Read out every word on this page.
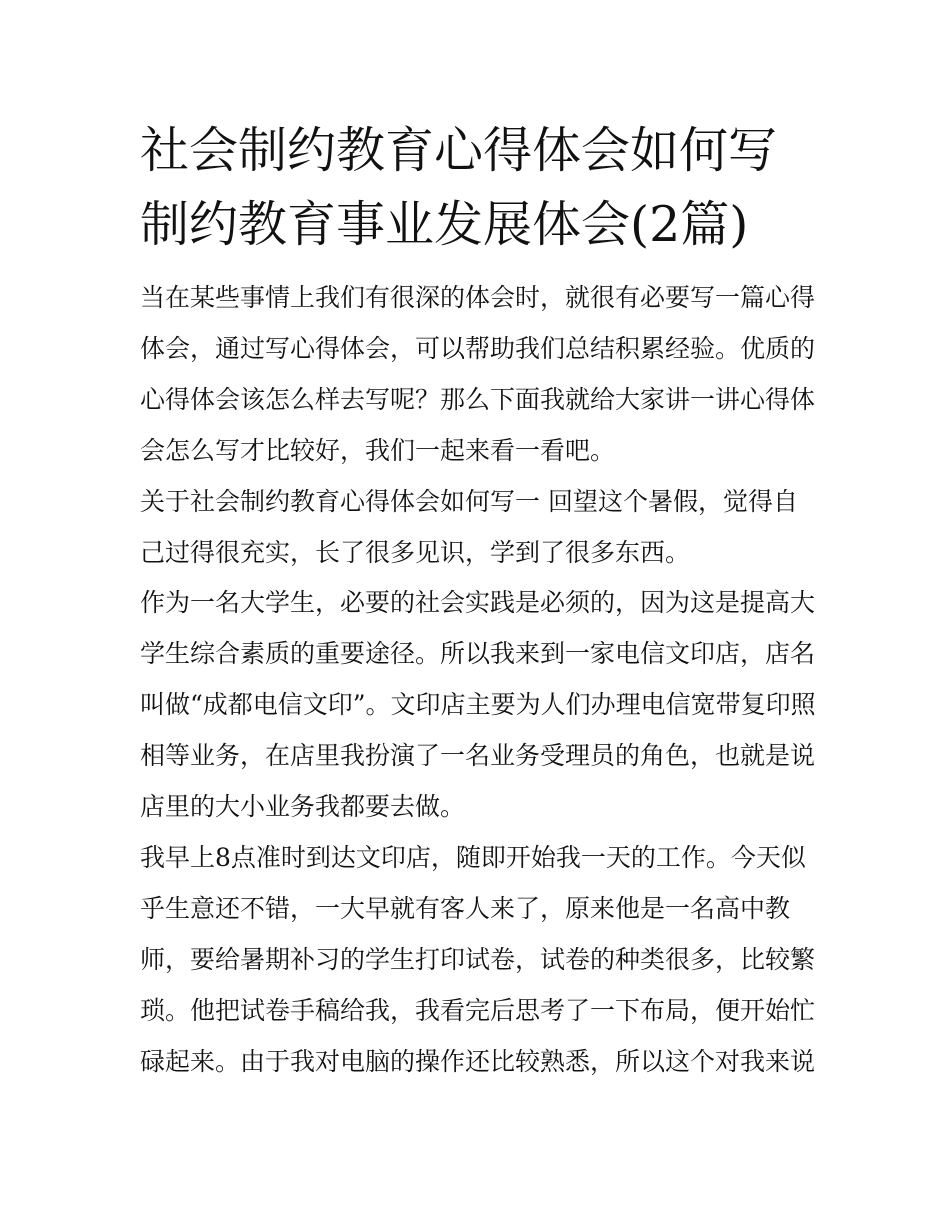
社会制约教育心得体会如何写
制约教育事业发展体会(2篇)
当在某些事情上我们有很深的体会时，就很有必要写一篇心得
体会，通过写心得体会，可以帮助我们总结积累经验。优质的
心得体会该怎么样去写呢？那么下面我就给大家讲一讲心得体
会怎么写才比较好，我们一起来看一看吧。
关于社会制约教育心得体会如何写一 回望这个暑假，觉得自
己过得很充实，长了很多见识，学到了很多东西。
作为一名大学生，必要的社会实践是必须的，因为这是提高大
学生综合素质的重要途径。所以我来到一家电信文印店，店名
叫做“成都电信文印”。文印店主要为人们办理电信宽带复印照
相等业务，在店里我扮演了一名业务受理员的角色，也就是说
店里的大小业务我都要去做。
我早上8点准时到达文印店，随即开始我一天的工作。今天似
乎生意还不错，一大早就有客人来了，原来他是一名高中教
师，要给暑期补习的学生打印试卷，试卷的种类很多，比较繁
琐。他把试卷手稿给我，我看完后思考了一下布局，便开始忙
碌起来。由于我对电脑的操作还比较熟悉，所以这个对我来说
